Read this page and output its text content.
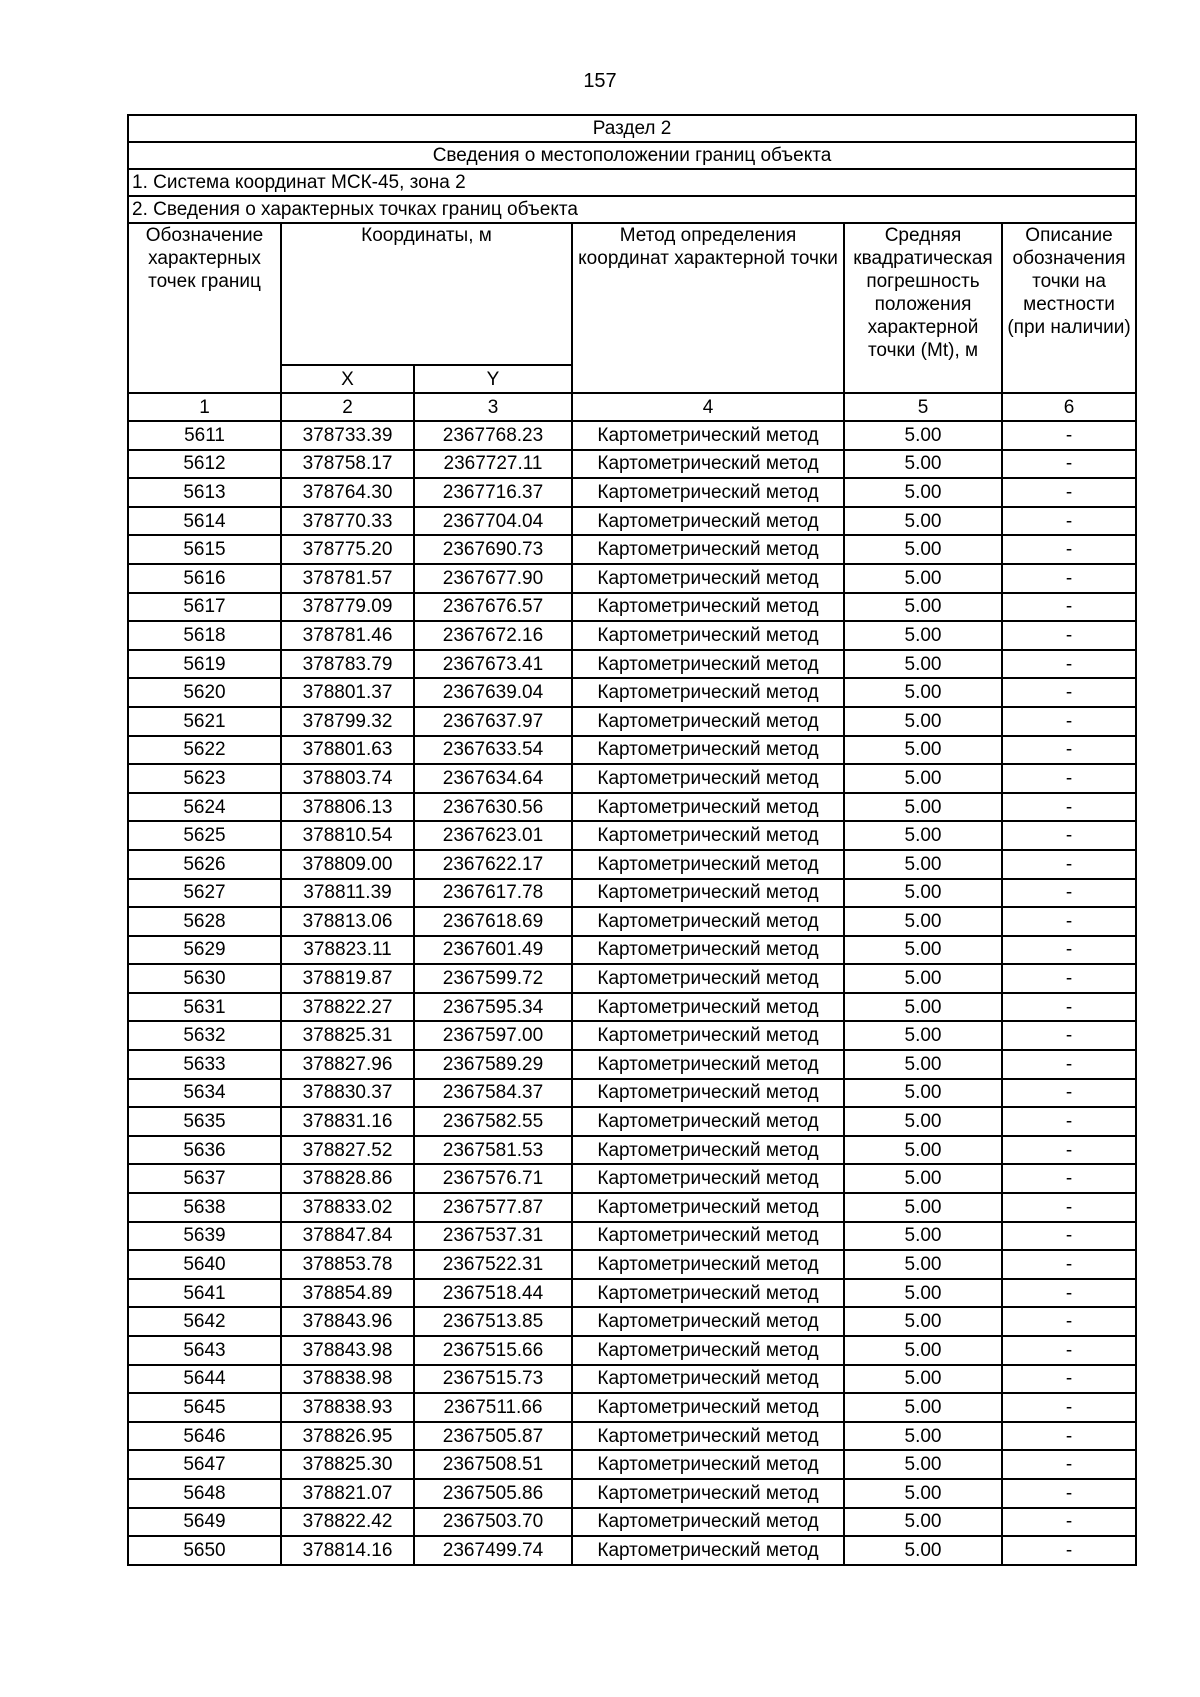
157
Раздел 2					
Сведения о местоположении границ объекта					
1. Система координат МСК-45, зона 2					
2. Сведения о характерных точках границ объекта					
Обозначение характерных точек границ	Координаты, м		Метод определения координат характерной точки	Средняя квадратическая погрешность положения характерной точки (Mt), м	Описание обозначения точки на местности (при наличии)
	X	Y			
1	2	3	4	5	6
5611	378733.39	2367768.23	Картометрический метод	5.00	-
5612	378758.17	2367727.11	Картометрический метод	5.00	-
5613	378764.30	2367716.37	Картометрический метод	5.00	-
5614	378770.33	2367704.04	Картометрический метод	5.00	-
5615	378775.20	2367690.73	Картометрический метод	5.00	-
5616	378781.57	2367677.90	Картометрический метод	5.00	-
5617	378779.09	2367676.57	Картометрический метод	5.00	-
5618	378781.46	2367672.16	Картометрический метод	5.00	-
5619	378783.79	2367673.41	Картометрический метод	5.00	-
5620	378801.37	2367639.04	Картометрический метод	5.00	-
5621	378799.32	2367637.97	Картометрический метод	5.00	-
5622	378801.63	2367633.54	Картометрический метод	5.00	-
5623	378803.74	2367634.64	Картометрический метод	5.00	-
5624	378806.13	2367630.56	Картометрический метод	5.00	-
5625	378810.54	2367623.01	Картометрический метод	5.00	-
5626	378809.00	2367622.17	Картометрический метод	5.00	-
5627	378811.39	2367617.78	Картометрический метод	5.00	-
5628	378813.06	2367618.69	Картометрический метод	5.00	-
5629	378823.11	2367601.49	Картометрический метод	5.00	-
5630	378819.87	2367599.72	Картометрический метод	5.00	-
5631	378822.27	2367595.34	Картометрический метод	5.00	-
5632	378825.31	2367597.00	Картометрический метод	5.00	-
5633	378827.96	2367589.29	Картометрический метод	5.00	-
5634	378830.37	2367584.37	Картометрический метод	5.00	-
5635	378831.16	2367582.55	Картометрический метод	5.00	-
5636	378827.52	2367581.53	Картометрический метод	5.00	-
5637	378828.86	2367576.71	Картометрический метод	5.00	-
5638	378833.02	2367577.87	Картометрический метод	5.00	-
5639	378847.84	2367537.31	Картометрический метод	5.00	-
5640	378853.78	2367522.31	Картометрический метод	5.00	-
5641	378854.89	2367518.44	Картометрический метод	5.00	-
5642	378843.96	2367513.85	Картометрический метод	5.00	-
5643	378843.98	2367515.66	Картометрический метод	5.00	-
5644	378838.98	2367515.73	Картометрический метод	5.00	-
5645	378838.93	2367511.66	Картометрический метод	5.00	-
5646	378826.95	2367505.87	Картометрический метод	5.00	-
5647	378825.30	2367508.51	Картометрический метод	5.00	-
5648	378821.07	2367505.86	Картометрический метод	5.00	-
5649	378822.42	2367503.70	Картометрический метод	5.00	-
5650	378814.16	2367499.74	Картометрический метод	5.00	-
